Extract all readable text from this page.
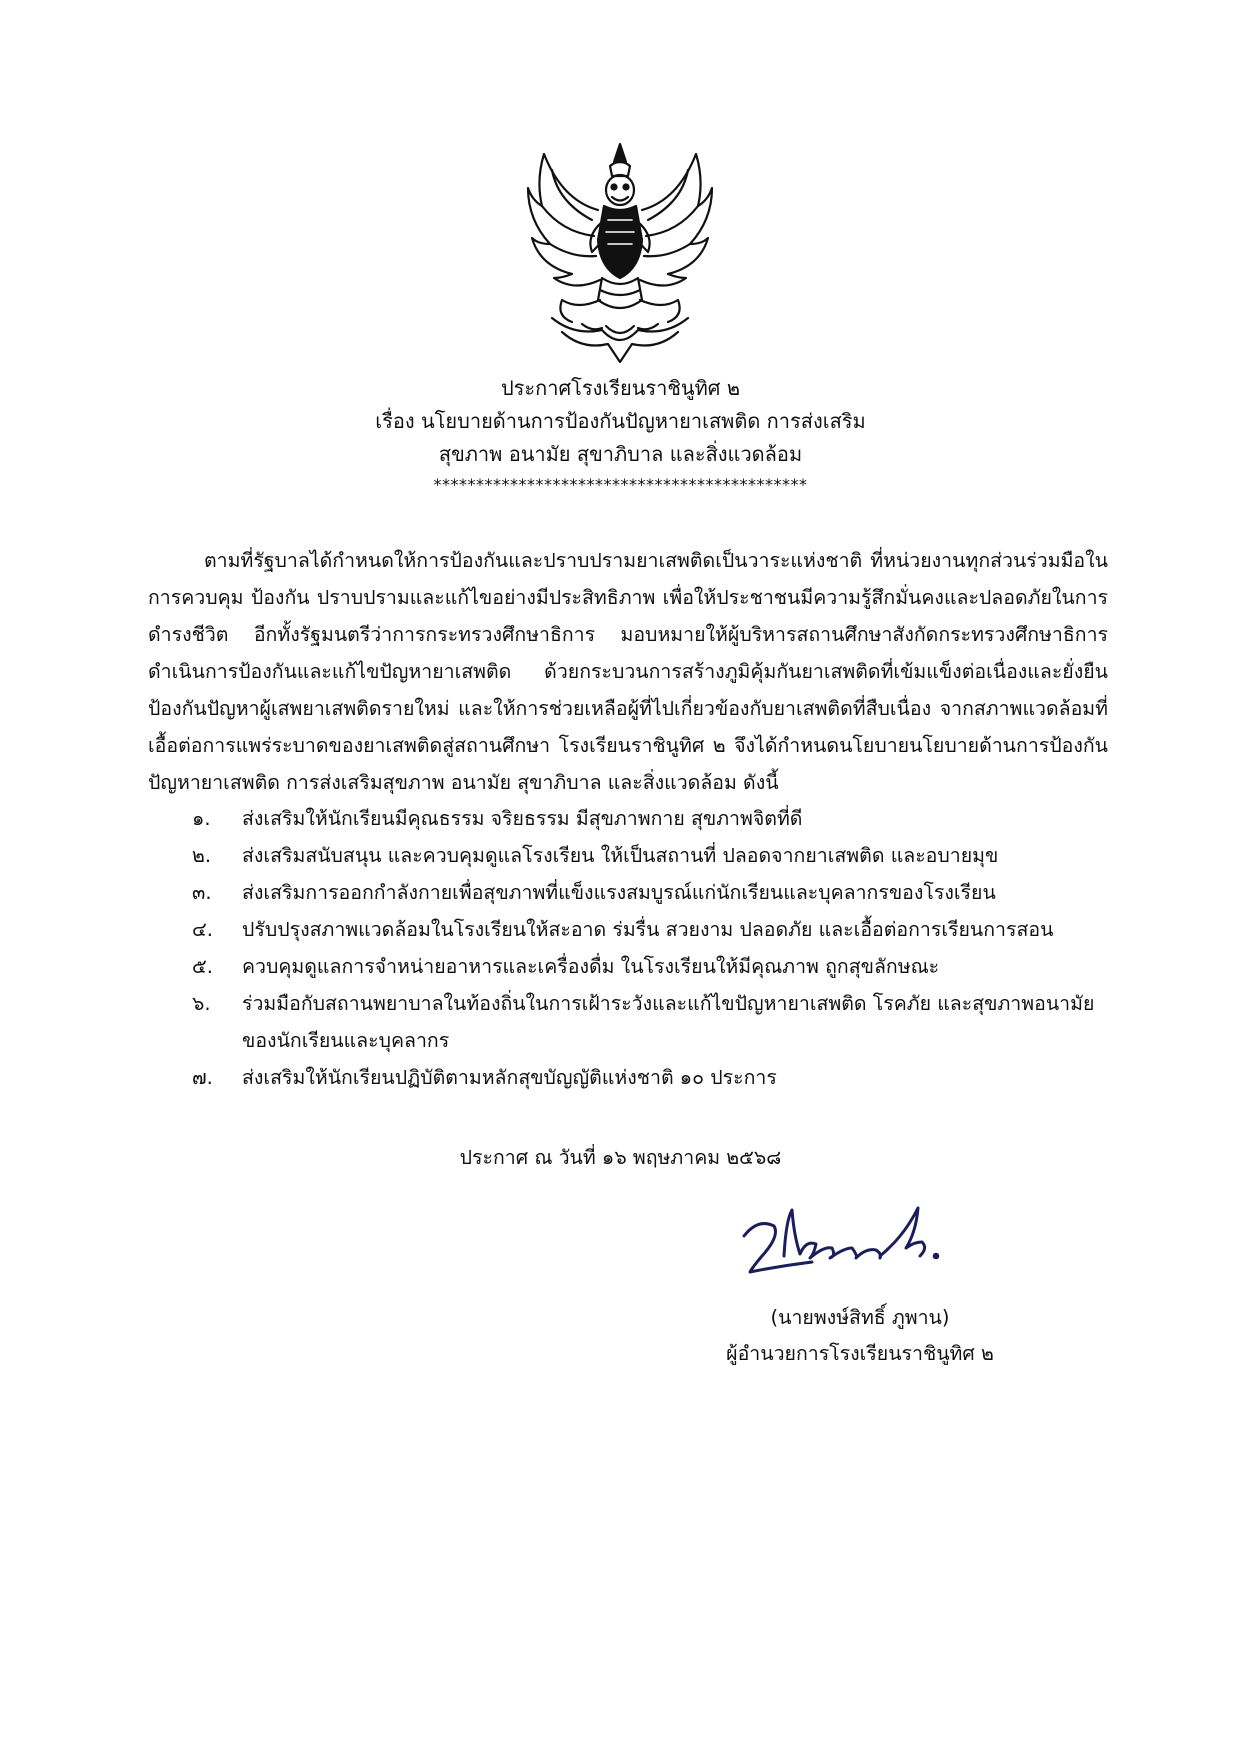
ประกาศโรงเรียนราชินูทิศ ๒
เรื่อง นโยบายด้านการป้องกันปัญหายาเสพติด การส่งเสริม
สุขภาพ อนามัย สุขาภิบาล และสิ่งแวดล้อม
********************************************
ตามที่รัฐบาลได้กำหนดให้การป้องกันและปราบปรามยาเสพติดเป็นวาระแห่งชาติ ที่หน่วยงานทุกส่วนร่วมมือในการควบคุม ป้องกัน ปราบปรามและแก้ไขอย่างมีประสิทธิภาพ เพื่อให้ประชาชนมีความรู้สึกมั่นคงและปลอดภัยในการดำรงชีวิต อีกทั้งรัฐมนตรีว่าการกระทรวงศึกษาธิการ มอบหมายให้ผู้บริหารสถานศึกษาสังกัดกระทรวงศึกษาธิการ ดำเนินการป้องกันและแก้ไขปัญหายาเสพติด ด้วยกระบวนการสร้างภูมิคุ้มกันยาเสพติดที่เข้มแข็งต่อเนื่องและยั่งยืน ป้องกันปัญหาผู้เสพยาเสพติดรายใหม่ และให้การช่วยเหลือผู้ที่ไปเกี่ยวข้องกับยาเสพติดที่สืบเนื่อง จากสภาพแวดล้อมที่เอื้อต่อการแพร่ระบาดของยาเสพติดสู่สถานศึกษา โรงเรียนราชินูทิศ ๒ จึงได้กำหนดนโยบายนโยบายด้านการป้องกันปัญหายาเสพติด การส่งเสริมสุขภาพ อนามัย สุขาภิบาล และสิ่งแวดล้อม ดังนี้
๑. ส่งเสริมให้นักเรียนมีคุณธรรม จริยธรรม มีสุขภาพกาย สุขภาพจิตที่ดี
๒. ส่งเสริมสนับสนุน และควบคุมดูแลโรงเรียน ให้เป็นสถานที่ ปลอดจากยาเสพติด และอบายมุข
๓. ส่งเสริมการออกกำลังกายเพื่อสุขภาพที่แข็งแรงสมบูรณ์แก่นักเรียนและบุคลากรของโรงเรียน
๔. ปรับปรุงสภาพแวดล้อมในโรงเรียนให้สะอาด ร่มรื่น สวยงาม ปลอดภัย และเอื้อต่อการเรียนการสอน
๕. ควบคุมดูแลการจำหน่ายอาหารและเครื่องดื่ม ในโรงเรียนให้มีคุณภาพ ถูกสุขลักษณะ
๖. ร่วมมือกับสถานพยาบาลในท้องถิ่นในการเฝ้าระวังและแก้ไขปัญหายาเสพติด โรคภัย และสุขภาพอนามัยของนักเรียนและบุคลากร
๗. ส่งเสริมให้นักเรียนปฏิบัติตามหลักสุขบัญญัติแห่งชาติ ๑๐ ประการ
ประกาศ ณ วันที่ ๑๖ พฤษภาคม ๒๕๖๘
(นายพงษ์สิทธิ์ ภูพาน)
ผู้อำนวยการโรงเรียนราชินูทิศ ๒
